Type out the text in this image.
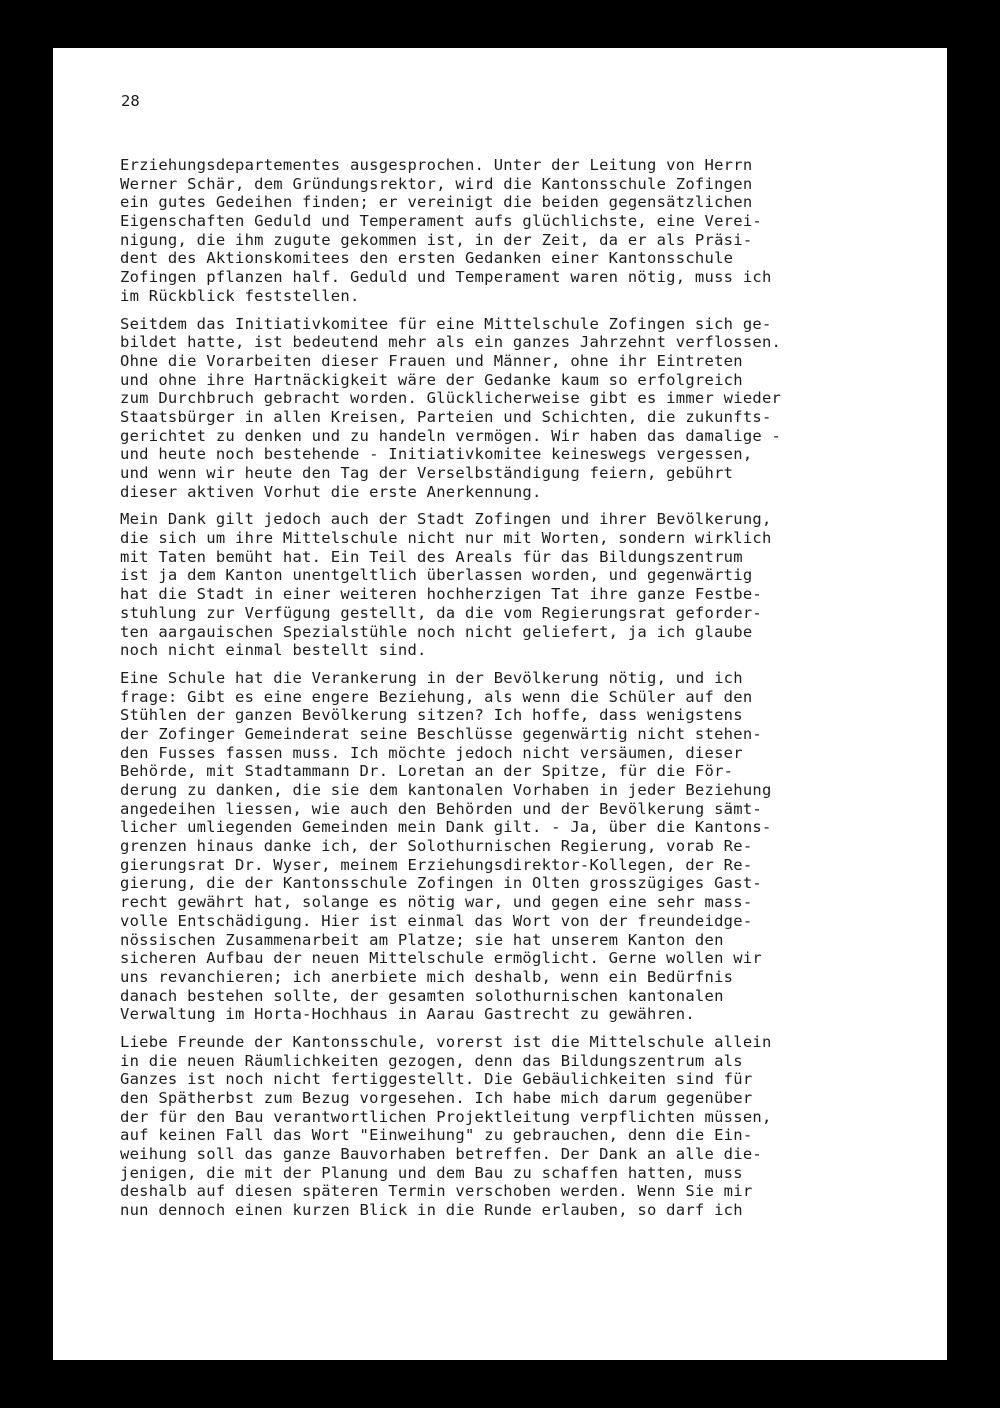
28
Erziehungsdepartementes ausgesprochen. Unter der Leitung von Herrn
Werner Schär, dem Gründungsrektor, wird die Kantonsschule Zofingen
ein gutes Gedeihen finden; er vereinigt die beiden gegensätzlichen
Eigenschaften Geduld und Temperament aufs glüchlichste, eine Verei-
nigung, die ihm zugute gekommen ist, in der Zeit, da er als Präsi-
dent des Aktionskomitees den ersten Gedanken einer Kantonsschule
Zofingen pflanzen half. Geduld und Temperament waren nötig, muss ich
im Rückblick feststellen.
Seitdem das Initiativkomitee für eine Mittelschule Zofingen sich ge-
bildet hatte, ist bedeutend mehr als ein ganzes Jahrzehnt verflossen.
Ohne die Vorarbeiten dieser Frauen und Männer, ohne ihr Eintreten
und ohne ihre Hartnäckigkeit wäre der Gedanke kaum so erfolgreich
zum Durchbruch gebracht worden. Glücklicherweise gibt es immer wieder
Staatsbürger in allen Kreisen, Parteien und Schichten, die zukunfts-
gerichtet zu denken und zu handeln vermögen. Wir haben das damalige -
und heute noch bestehende - Initiativkomitee keineswegs vergessen,
und wenn wir heute den Tag der Verselbständigung feiern, gebührt
dieser aktiven Vorhut die erste Anerkennung.
Mein Dank gilt jedoch auch der Stadt Zofingen und ihrer Bevölkerung,
die sich um ihre Mittelschule nicht nur mit Worten, sondern wirklich
mit Taten bemüht hat. Ein Teil des Areals für das Bildungszentrum
ist ja dem Kanton unentgeltlich überlassen worden, und gegenwärtig
hat die Stadt in einer weiteren hochherzigen Tat ihre ganze Festbe-
stuhlung zur Verfügung gestellt, da die vom Regierungsrat geforder-
ten aargauischen Spezialstühle noch nicht geliefert, ja ich glaube
noch nicht einmal bestellt sind.
Eine Schule hat die Verankerung in der Bevölkerung nötig, und ich
frage: Gibt es eine engere Beziehung, als wenn die Schüler auf den
Stühlen der ganzen Bevölkerung sitzen? Ich hoffe, dass wenigstens
der Zofinger Gemeinderat seine Beschlüsse gegenwärtig nicht stehen-
den Fusses fassen muss. Ich möchte jedoch nicht versäumen, dieser
Behörde, mit Stadtammann Dr. Loretan an der Spitze, für die För-
derung zu danken, die sie dem kantonalen Vorhaben in jeder Beziehung
angedeihen liessen, wie auch den Behörden und der Bevölkerung sämt-
licher umliegenden Gemeinden mein Dank gilt. - Ja, über die Kantons-
grenzen hinaus danke ich, der Solothurnischen Regierung, vorab Re-
gierungsrat Dr. Wyser, meinem Erziehungsdirektor-Kollegen, der Re-
gierung, die der Kantonsschule Zofingen in Olten grosszügiges Gast-
recht gewährt hat, solange es nötig war, und gegen eine sehr mass-
volle Entschädigung. Hier ist einmal das Wort von der freundeidge-
nössischen Zusammenarbeit am Platze; sie hat unserem Kanton den
sicheren Aufbau der neuen Mittelschule ermöglicht. Gerne wollen wir
uns revanchieren; ich anerbiete mich deshalb, wenn ein Bedürfnis
danach bestehen sollte, der gesamten solothurnischen kantonalen
Verwaltung im Horta-Hochhaus in Aarau Gastrecht zu gewähren.
Liebe Freunde der Kantonsschule, vorerst ist die Mittelschule allein
in die neuen Räumlichkeiten gezogen, denn das Bildungszentrum als
Ganzes ist noch nicht fertiggestellt. Die Gebäulichkeiten sind für
den Spätherbst zum Bezug vorgesehen. Ich habe mich darum gegenüber
der für den Bau verantwortlichen Projektleitung verpflichten müssen,
auf keinen Fall das Wort "Einweihung" zu gebrauchen, denn die Ein-
weihung soll das ganze Bauvorhaben betreffen. Der Dank an alle die-
jenigen, die mit der Planung und dem Bau zu schaffen hatten, muss
deshalb auf diesen späteren Termin verschoben werden. Wenn Sie mir
nun dennoch einen kurzen Blick in die Runde erlauben, so darf ich
